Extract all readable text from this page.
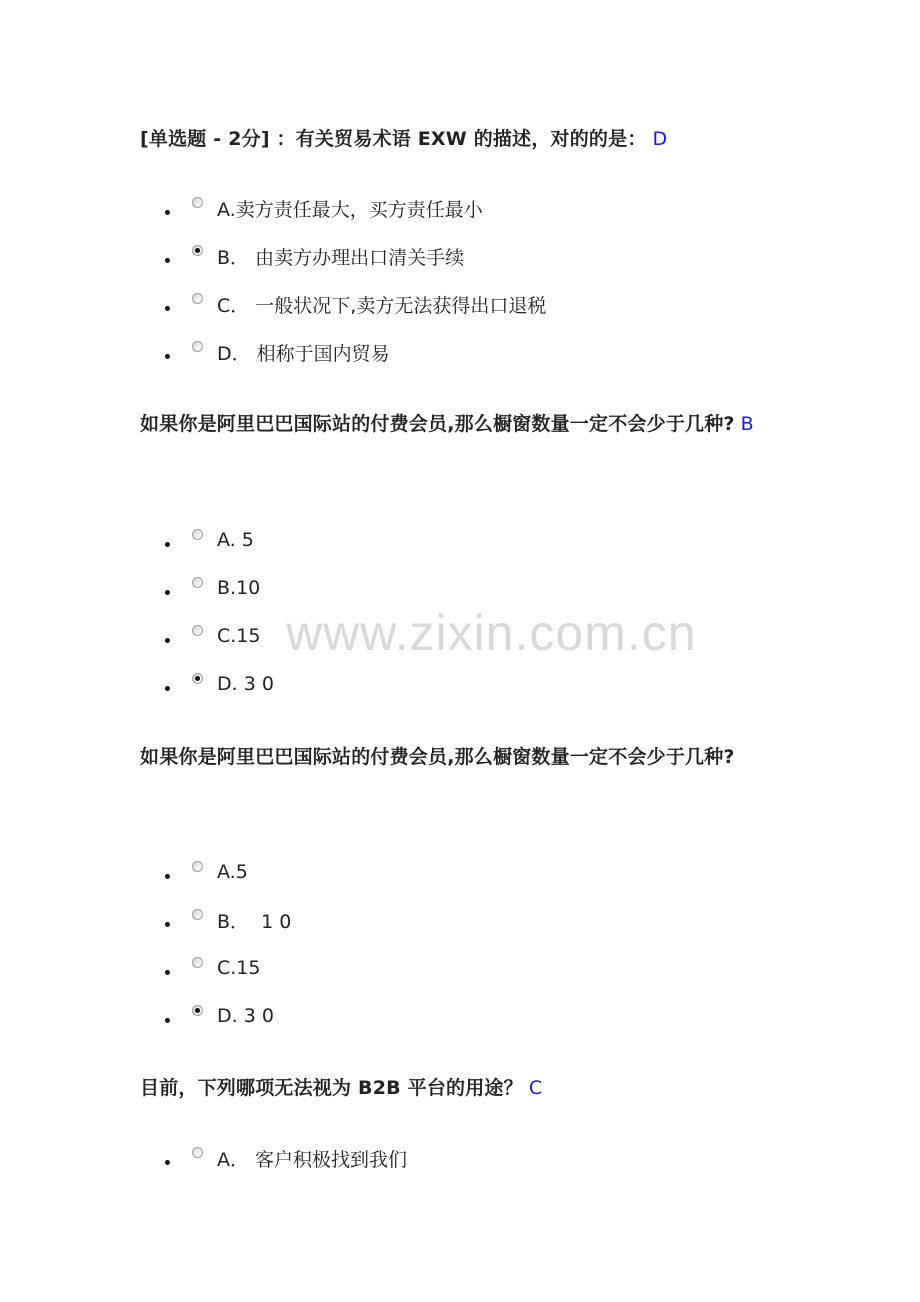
[单选题 - 2分] ：有关贸易术语 EXW 的描述，对的的是： D
A.卖方责任最大，买方责任最小
B． 由卖方办理出口清关手续
C． 一般状况下,卖方无法获得出口退税
D． 相称于国内贸易
如果你是阿里巴巴国际站的付费会员,那么橱窗数量一定不会少于几种? B
A. 5
B.10
C.15
D. 3 0
如果你是阿里巴巴国际站的付费会员,那么橱窗数量一定不会少于几种?
A.5
B．  1 0
C.15
D. 3 0
目前，下列哪项无法视为 B2B 平台的用途？ C
A． 客户积极找到我们
www.zixin.com.cn
